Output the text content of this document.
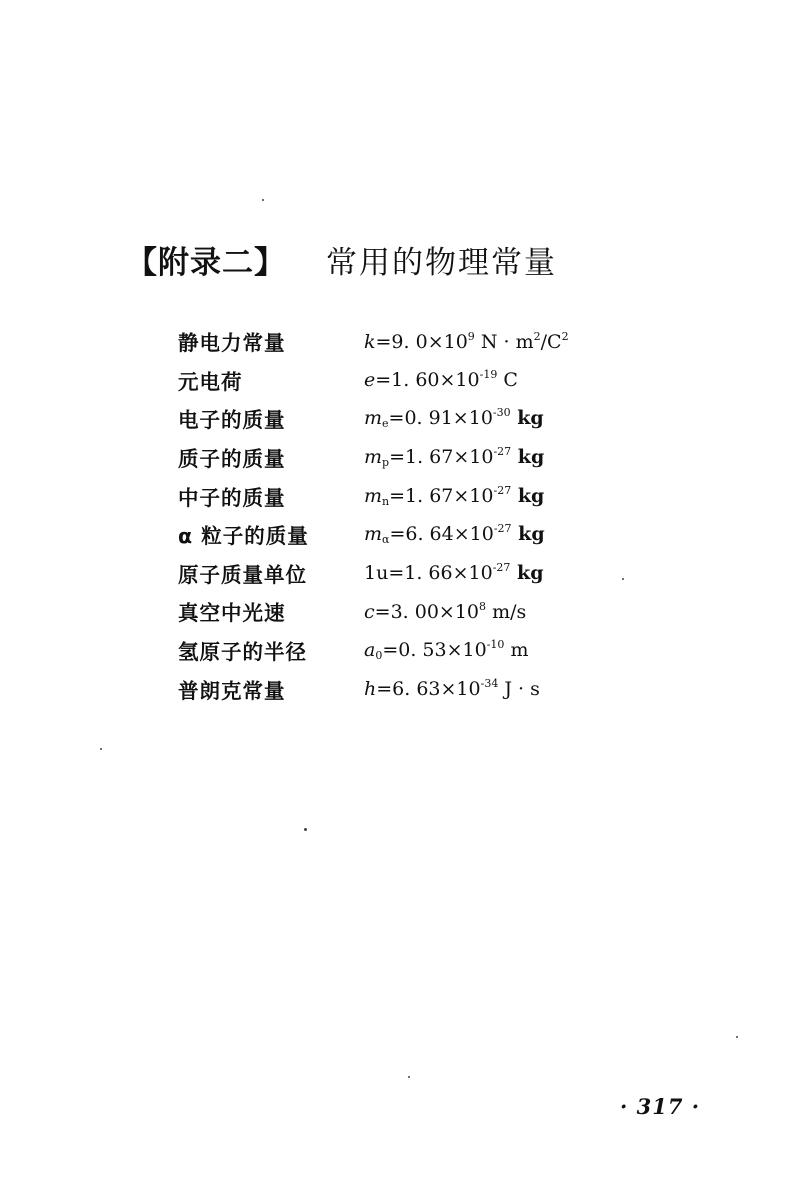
【附录二】 常用的物理常量
静电力常量	k=9. $0\times 10^9$ $N \cdot m^2/C^2$
元电荷	e=1. $60\times 10^{-19}$ C
电子的质量	$m_e=0$. $91\times 10^{-30}$ kg
质子的质量	$m_p=1$. $67\times 10^{-27}$ kg
中子的质量	$m_n=1$. $67\times 10^{-27}$ kg
α 粒子的质量	$m_\alpha=6$. $64\times 10^{-27}$ kg
原子质量单位	1u=1. $66\times 10^{-27}$ kg
真空中光速	c=3. $00\times 10^8$ m/s
氢原子的半径	$a_0=0$. $53\times 10^{-10}$ m
普朗克常量	h=6. $63\times 10^{-34}$ J · s
· 317 ·
